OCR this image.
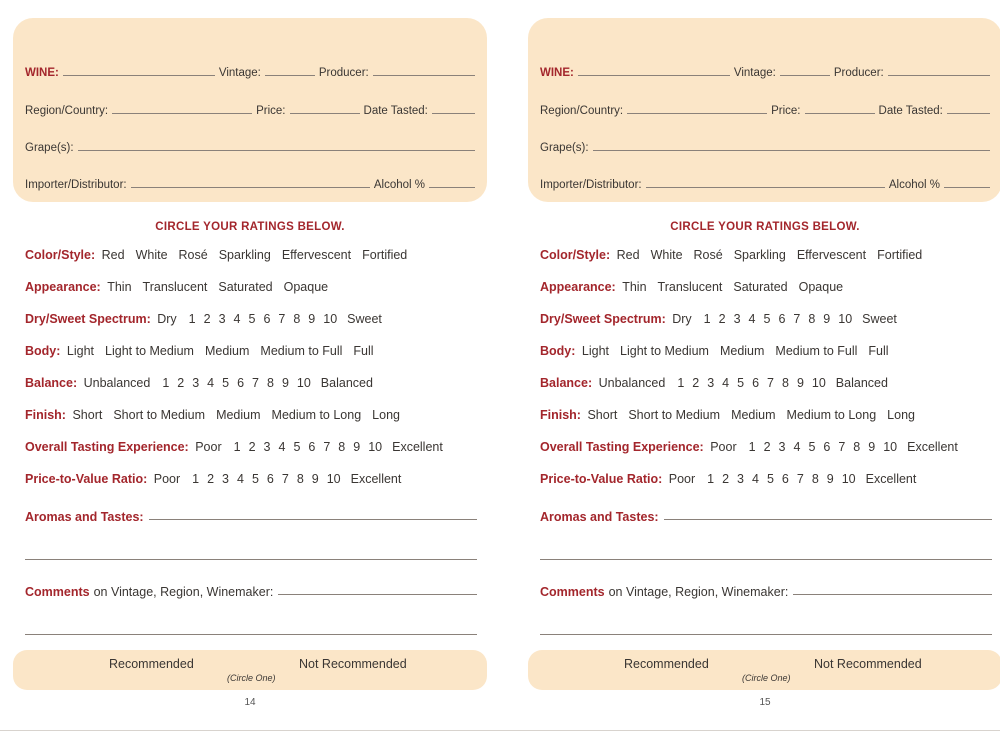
WINE:	Vintage:	Producer:
Region/Country:	Price:	Date Tasted:
Grape(s):
Importer/Distributor:	Alcohol %
CIRCLE YOUR RATINGS BELOW.
Color/Style: Red White Rosé Sparkling Effervescent Fortified
Appearance: Thin Translucent Saturated Opaque
Dry/Sweet Spectrum: Dry 1 2 3 4 5 6 7 8 9 10 Sweet
Body: Light Light to Medium Medium Medium to Full Full
Balance: Unbalanced 1 2 3 4 5 6 7 8 9 10 Balanced
Finish: Short Short to Medium Medium Medium to Long Long
Overall Tasting Experience: Poor 1 2 3 4 5 6 7 8 9 10 Excellent
Price-to-Value Ratio: Poor 1 2 3 4 5 6 7 8 9 10 Excellent
Aromas and Tastes:
Comments on Vintage, Region, Winemaker:
Recommended	Not Recommended
(Circle One)
14
WINE:	Vintage:	Producer:
Region/Country:	Price:	Date Tasted:
Grape(s):
Importer/Distributor:	Alcohol %
CIRCLE YOUR RATINGS BELOW.
Color/Style: Red White Rosé Sparkling Effervescent Fortified
Appearance: Thin Translucent Saturated Opaque
Dry/Sweet Spectrum: Dry 1 2 3 4 5 6 7 8 9 10 Sweet
Body: Light Light to Medium Medium Medium to Full Full
Balance: Unbalanced 1 2 3 4 5 6 7 8 9 10 Balanced
Finish: Short Short to Medium Medium Medium to Long Long
Overall Tasting Experience: Poor 1 2 3 4 5 6 7 8 9 10 Excellent
Price-to-Value Ratio: Poor 1 2 3 4 5 6 7 8 9 10 Excellent
Aromas and Tastes:
Comments on Vintage, Region, Winemaker:
Recommended	Not Recommended
(Circle One)
15
